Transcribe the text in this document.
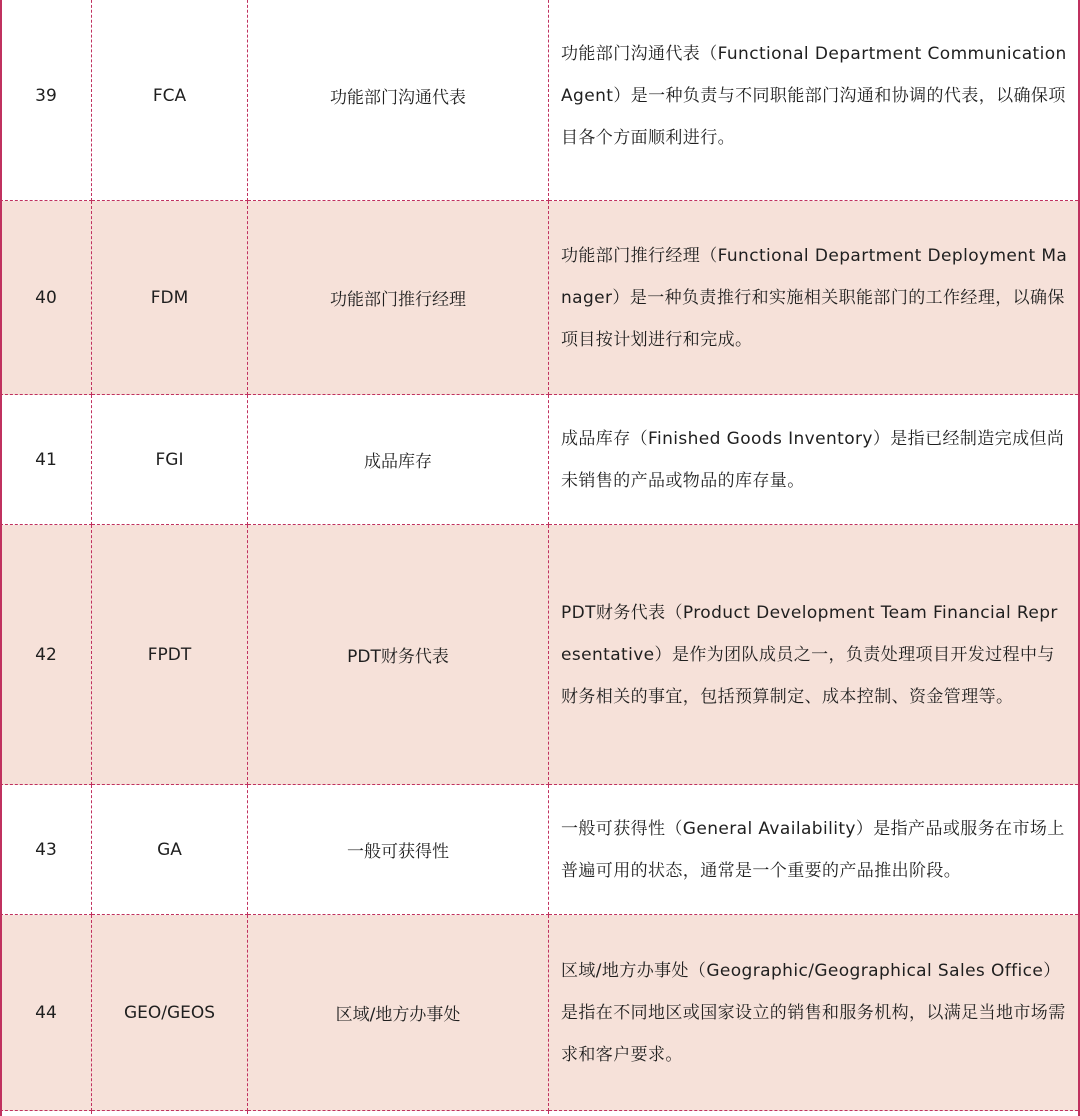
39	FCA	功能部门沟通代表	功能部门沟通代表（Functional Department Communication Agent）是一种负责与不同职能部门沟通和协调的代表，以确保项目各个方面顺利进行。
40	FDM	功能部门推行经理	功能部门推行经理（Functional Department Deployment Manager）是一种负责推行和实施相关职能部门的工作经理，以确保项目按计划进行和完成。
41	FGI	成品库存	成品库存（Finished Goods Inventory）是指已经制造完成但尚未销售的产品或物品的库存量。
42	FPDT	PDT财务代表	PDT财务代表（Product Development Team Financial Representative）是作为团队成员之一，负责处理项目开发过程中与财务相关的事宜，包括预算制定、成本控制、资金管理等。
43	GA	一般可获得性	一般可获得性（General Availability）是指产品或服务在市场上普遍可用的状态，通常是一个重要的产品推出阶段。
44	GEO/GEOS	区域/地方办事处	区域/地方办事处（Geographic/Geographical Sales Office）是指在不同地区或国家设立的销售和服务机构，以满足当地市场需求和客户要求。
